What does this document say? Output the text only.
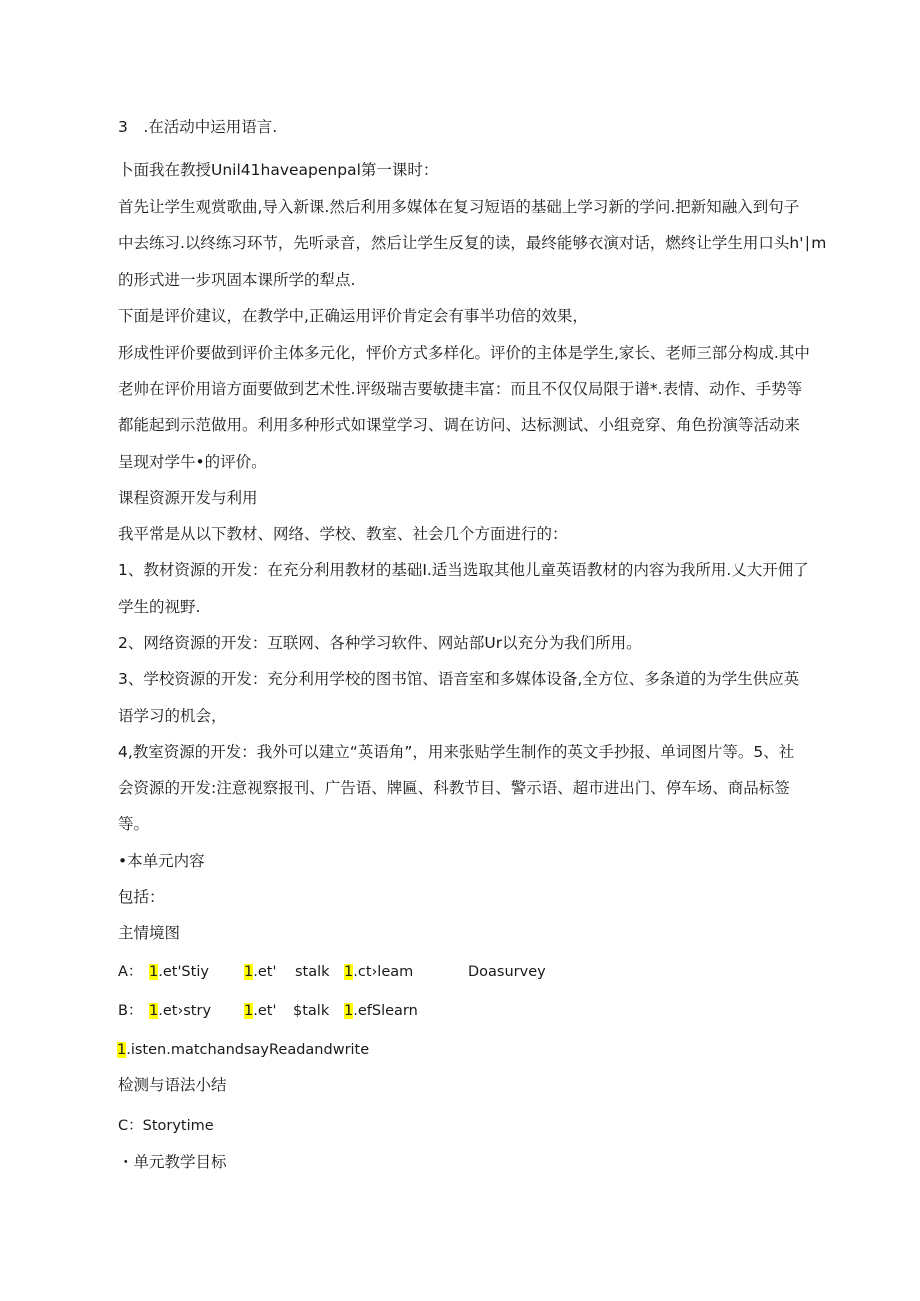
3　.在活动中运用语言.

卜面我在教授Unil41haveapenpal第一课时：

首先让学生观赏歌曲,导入新课.然后利用多媒体在复习短语的基础上学习新的学问.把新知融入到句子

中去练习.以终练习环节，先听录音，然后让学生反复的读，最终能够衣演对话，燃终让学生用口头h'∣m

的形式进一步巩固本课所学的犁点.

下面是评价建议，在教学中,正确运用评价肯定会有事半功倍的效果，

形成性评价要做到评价主体多元化，怦价方式多样化。评价的主体是学生,家长、老师三部分构成.其中

老帅在评价用谙方面要做到艺术性.评级瑞吉要敏捷丰富：而且不仅仅局限于谱*.表情、动作、手势等

都能起到示范做用。利用多种形式如课堂学习、调在访问、达标测试、小组竞穿、角色扮演等活动来

呈现对学牛•的评价。

课程资源开发与利用

我平常是从以下教材、网络、学校、教室、社会几个方面进行的：

1、教材资源的开发：在充分利用教材的基础I.适当选取其他儿童英语教材的内容为我所用.乂大开佣了

学生的视野.

2、网络资源的开发：互联网、各种学习软件、网站部Ur以充分为我们所用。

3、学校资源的开发：充分利用学校的图书馆、语音室和多媒体设备,全方位、多条道的为学生供应英

语学习的机会，

4,教室资源的开发：我外可以建立“英语角”，用来张贴学生制作的英文手抄报、单词图片等。5、社

会资源的开发:注意视察报刊、广告语、牌匾、科教节目、警示语、超市进出门、停车场、商品标签

等。

•本单元内容

包括：

主情境图

A： 1.et'Stiy 1.et' stalk 1.ct›leam	Doasurvey
B： 1.et›stry 1.et' $talk 1.efSlearn
1.isten.matchandsayReadandwrite

检测与语法小结

C：Storytime

・单元教学目标
